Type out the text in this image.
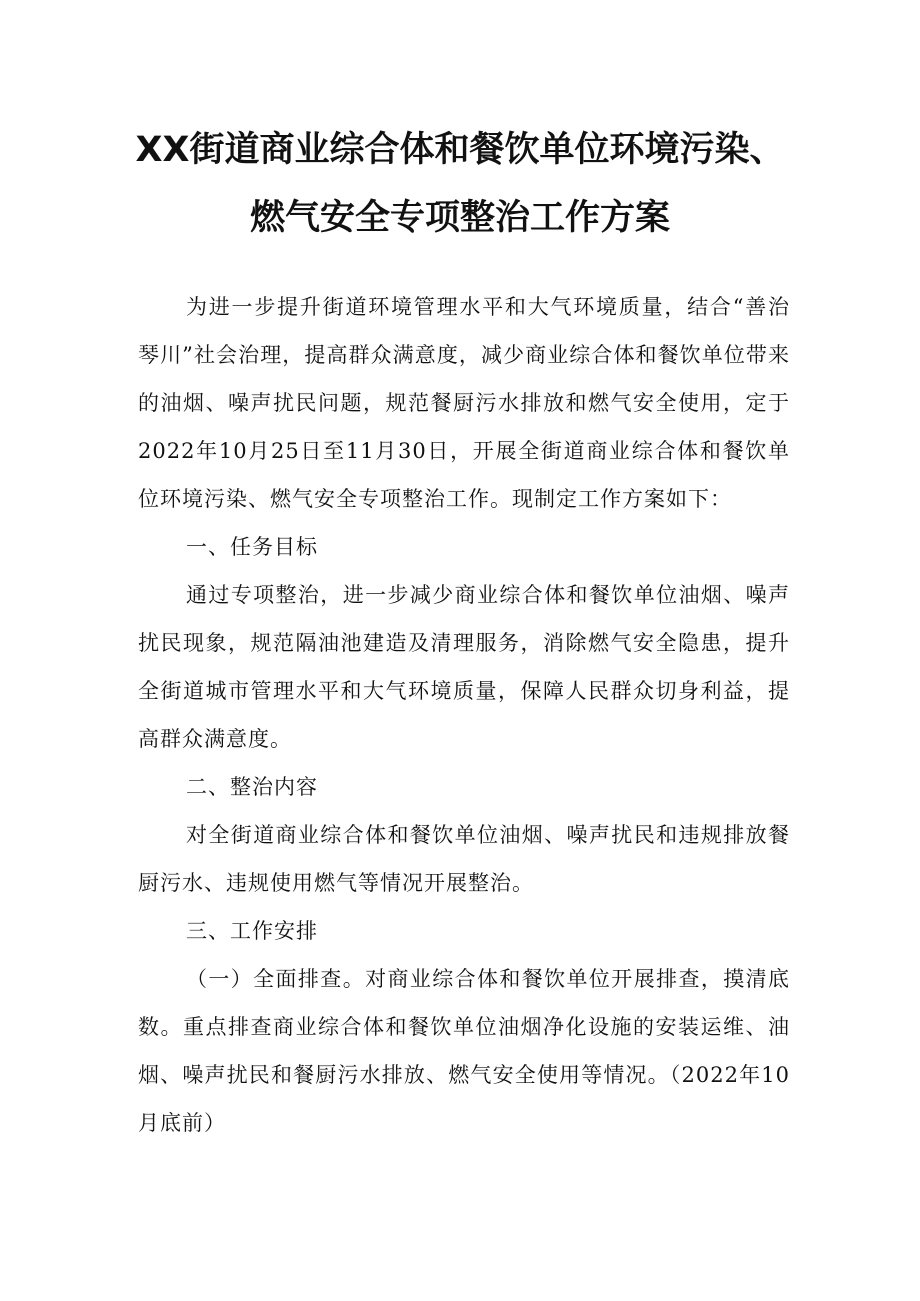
XX街道商业综合体和餐饮单位环境污染、
燃气安全专项整治工作方案

为进一步提升街道环境管理水平和大气环境质量，结合“善治琴川”社会治理，提高群众满意度，减少商业综合体和餐饮单位带来的油烟、噪声扰民问题，规范餐厨污水排放和燃气安全使用，定于2022年10月25日至11月30日，开展全街道商业综合体和餐饮单位环境污染、燃气安全专项整治工作。现制定工作方案如下：

一、任务目标

通过专项整治，进一步减少商业综合体和餐饮单位油烟、噪声扰民现象，规范隔油池建造及清理服务，消除燃气安全隐患，提升全街道城市管理水平和大气环境质量，保障人民群众切身利益，提高群众满意度。

二、整治内容

对全街道商业综合体和餐饮单位油烟、噪声扰民和违规排放餐厨污水、违规使用燃气等情况开展整治。

三、工作安排

（一）全面排查。对商业综合体和餐饮单位开展排查，摸清底数。重点排查商业综合体和餐饮单位油烟净化设施的安装运维、油烟、噪声扰民和餐厨污水排放、燃气安全使用等情况。（2022年10月底前）
